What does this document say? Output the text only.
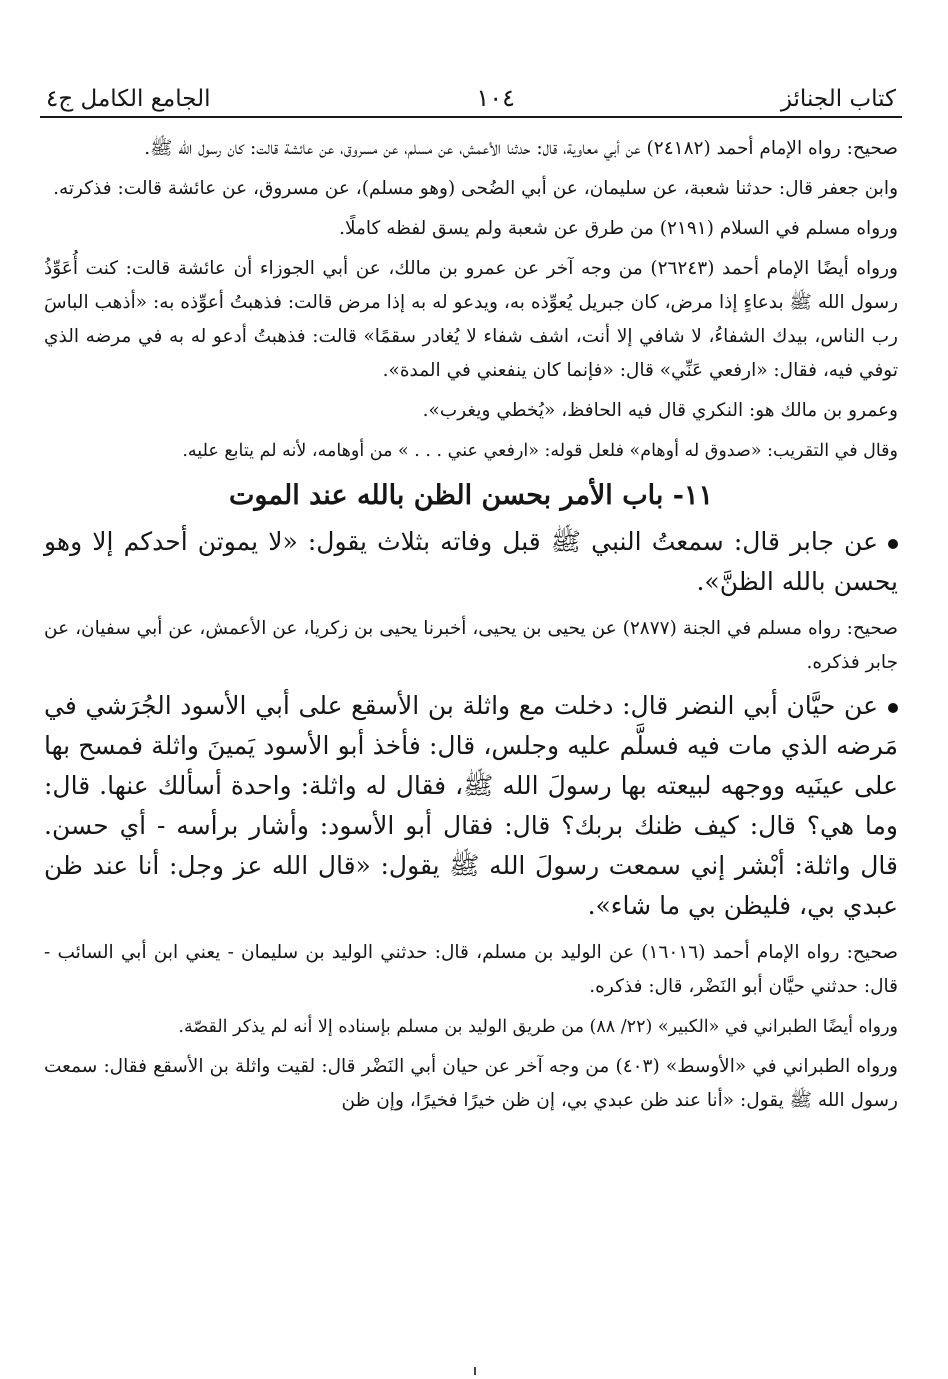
كتاب الجنائز
١٠٤
الجامع الكامل ج٤

صحيح: رواه الإمام أحمد (٢٤١٨٢) عن أبي معاوية، قال: حدثنا الأعمش، عن مسلم، عن مسروق، عن عائشة قالت: كان رسول الله ﷺ.

وابن جعفر قال: حدثنا شعبة، عن سليمان، عن أبي الضُحى (وهو مسلم)، عن مسروق، عن عائشة قالت: فذكرته.

ورواه مسلم في السلام (٢١٩١) من طرق عن شعبة ولم يسق لفظه كاملًا.

ورواه أيضًا الإمام أحمد (٢٦٢٤٣) من وجه آخر عن عمرو بن مالك، عن أبي الجوزاء أن عائشة قالت: كنت أُعَوِّذُ رسول الله ﷺ بدعاءٍ إذا مرض، كان جبريل يُعوِّذه به، ويدعو له به إذا مرض قالت: فذهبتُ أعوِّذه به: «أذهب الباسَ رب الناس، بيدك الشفاءُ، لا شافي إلا أنت، اشف شفاء لا يُغادر سقمًا» قالت: فذهبتُ أدعو له به في مرضه الذي توفي فيه، فقال: «ارفعي عَنِّي» قال: «فإنما كان ينفعني في المدة».

وعمرو بن مالك هو: النكري قال فيه الحافظ، «يُخطي ويغرب».

وقال في التقريب: «صدوق له أوهام» فلعل قوله: «ارفعي عني . . . » من أوهامه، لأنه لم يتابع عليه.

١١- باب الأمر بحسن الظن بالله عند الموت

عن جابر قال: سمعتُ النبي ﷺ قبل وفاته بثلاث يقول: «لا يموتن أحدكم إلا وهو يحسن بالله الظنَّ».

صحيح: رواه مسلم في الجنة (٢٨٧٧) عن يحيى بن يحيى، أخبرنا يحيى بن زكريا، عن الأعمش، عن أبي سفيان، عن جابر فذكره.

عن حيَّان أبي النضر قال: دخلت مع واثلة بن الأسقع على أبي الأسود الجُرَشي في مَرضه الذي مات فيه فسلَّم عليه وجلس، قال: فأخذ أبو الأسود يَمينَ واثلة فمسح بها على عينَيه ووجهه لبيعته بها رسولَ الله ﷺ، فقال له واثلة: واحدة أسألك عنها. قال: وما هي؟ قال: كيف ظنك بربك؟ قال: فقال أبو الأسود: وأشار برأسه - أي حسن. قال واثلة: أبْشر إني سمعت رسولَ الله ﷺ يقول: «قال الله عز وجل: أنا عند ظن عبدي بي، فليظن بي ما شاء».

صحيح: رواه الإمام أحمد (١٦٠١٦) عن الوليد بن مسلم، قال: حدثني الوليد بن سليمان - يعني ابن أبي السائب - قال: حدثني حيَّان أبو النَضْر، قال: فذكره.

ورواه أيضًا الطبراني في «الكبير» (٢٢/ ٨٨) من طريق الوليد بن مسلم بإسناده إلا أنه لم يذكر القصّة.

ورواه الطبراني في «الأوسط» (٤٠٣) من وجه آخر عن حيان أبي النَضْر قال: لقيت واثلة بن الأسقع فقال: سمعت رسول الله ﷺ يقول: «أنا عند ظن عبدي بي، إن ظن خيرًا فخيرًا، وإن ظن
